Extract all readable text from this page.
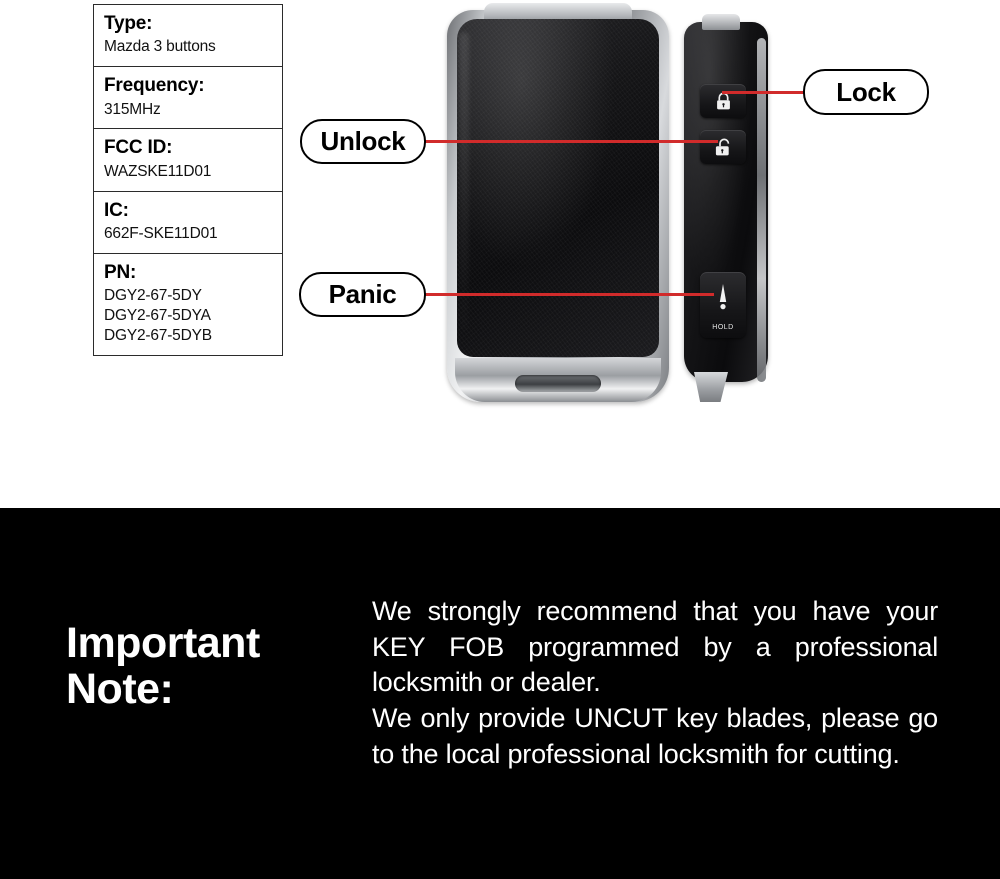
Type:
Mazda 3 buttons
Frequency:
315MHz
FCC ID:
WAZSKE11D01
IC:
662F-SKE11D01
PN:
DGY2-67-5DY
DGY2-67-5DYA
DGY2-67-5DYB	HOLD
Unlock
Panic
Lock
Important
Note:

We strongly recommend that you have your KEY FOB programmed by a professional locksmith or dealer.

We only provide UNCUT key blades, please go to the local professional locksmith for cutting.
